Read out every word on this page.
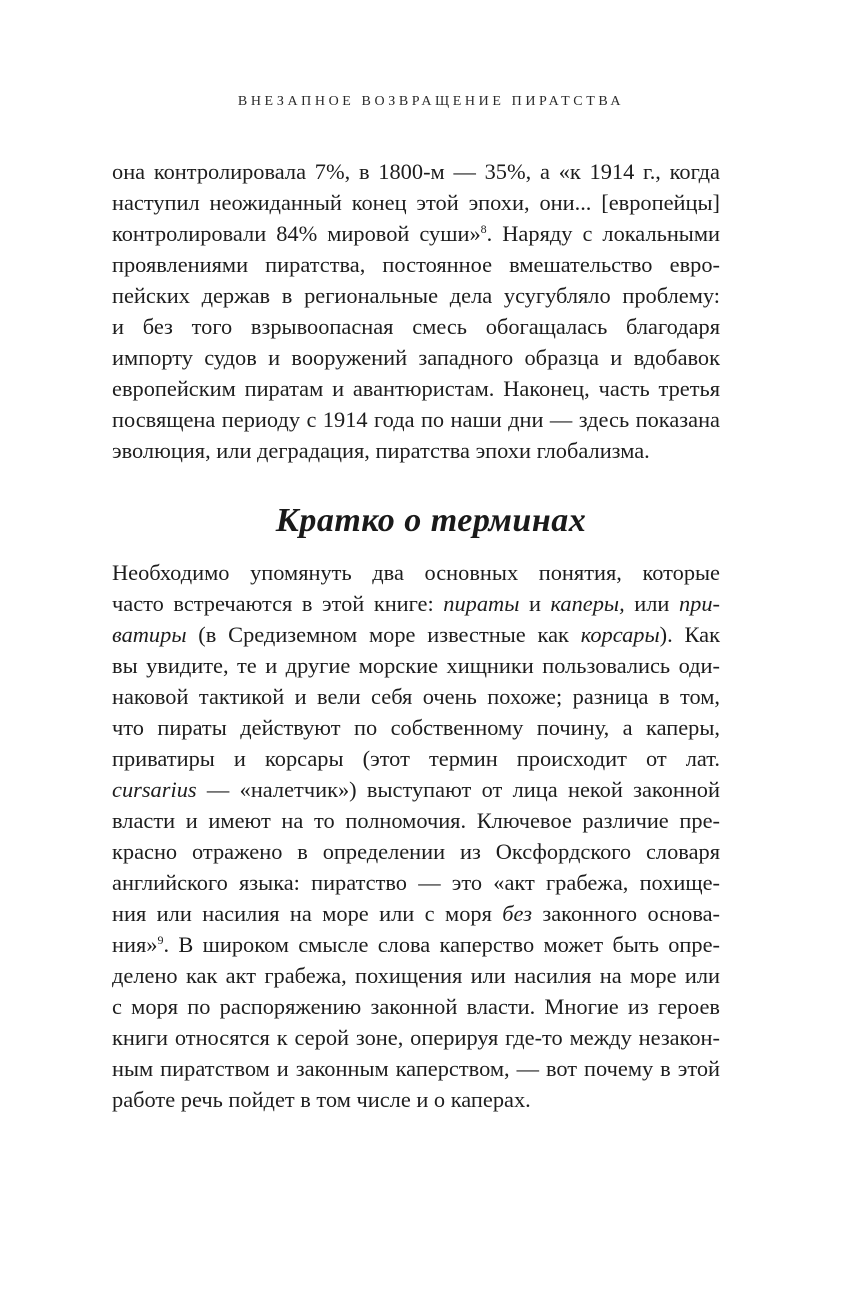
ВНЕЗАПНОЕ ВОЗВРАЩЕНИЕ ПИРАТСТВА
она контролировала 7%, в 1800-м — 35%, а «к 1914 г., когда
наступил неожиданный конец этой эпохи, они... [европейцы]
контролировали 84% мировой суши»$^8$. Наряду с локальными
проявлениями пиратства, постоянное вмешательство евро-
пейских держав в региональные дела усугубляло проблему:
и без того взрывоопасная смесь обогащалась благодаря
импорту судов и вооружений западного образца и вдобавок
европейским пиратам и авантюристам. Наконец, часть третья
посвящена периоду с 1914 года по наши дни — здесь показана
эволюция, или деградация, пиратства эпохи глобализма.
Кратко о терминах
Необходимо упомянуть два основных понятия, которые
часто встречаются в этой книге: пираты и каперы, или при-
ватиры (в Средиземном море известные как корсары). Как
вы увидите, те и другие морские хищники пользовались оди-
наковой тактикой и вели себя очень похоже; разница в том,
что пираты действуют по собственному почину, а каперы,
приватиры и корсары (этот термин происходит от лат.
cursarius — «налетчик») выступают от лица некой законной
власти и имеют на то полномочия. Ключевое различие пре-
красно отражено в определении из Оксфордского словаря
английского языка: пиратство — это «акт грабежа, похище-
ния или насилия на море или с моря без законного основа-
ния»$^9$. В широком смысле слова каперство может быть опре-
делено как акт грабежа, похищения или насилия на море или
с моря по распоряжению законной власти. Многие из героев
книги относятся к серой зоне, оперируя где-то между незакон-
ным пиратством и законным каперством, — вот почему в этой
работе речь пойдет в том числе и о каперах.
